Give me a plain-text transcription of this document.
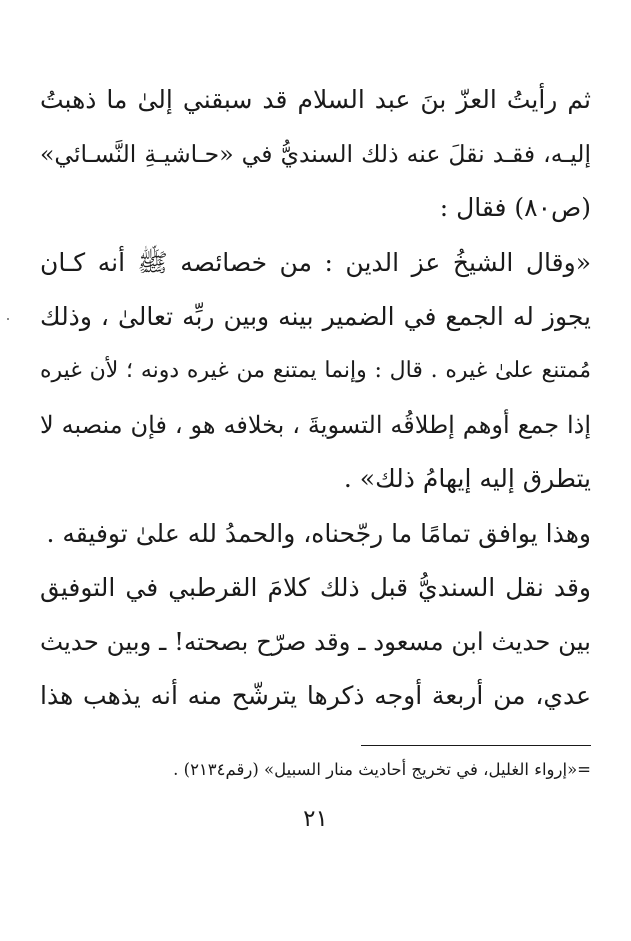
ثم رأيتُ العزّ بنَ عبد السلام قد سبقني إلىٰ ما ذهبتُ
إليـه، فقـد نقلَ عنه ذلك السنديُّ في «حـاشيـةِ النَّسـائي»
(ص٨٠) فقال :
«وقال الشيخُ عز الدين : من خصائصه ﷺ أنه كـان
يجوز له الجمع في الضمير بينه وبين ربِّه تعالىٰ ، وذلك
مُمتنع علىٰ غيره . قال : وإنما يمتنع من غيره دونه ؛ لأن غيره
إذا جمع أوهم إطلاقُه التسويةَ ، بخلافه هو ، فإن منصبه لا
يتطرق إليه إيهامُ ذلك» .
وهذا يوافق تمامًا ما رجّحناه، والحمدُ لله علىٰ توفيقه .
وقد نقل السنديُّ قبل ذلك كلامَ القرطبي في التوفيق
بين حديث ابن مسعود ـ وقد صرّح بصحته! ـ وبين حديث
عدي، من أربعة أوجه ذكرها يترشّح منه أنه يذهب هذا
=«إرواء الغليل، في تخريج أحاديث منار السبيل» (رقم٢١٣٤) .
٢١
